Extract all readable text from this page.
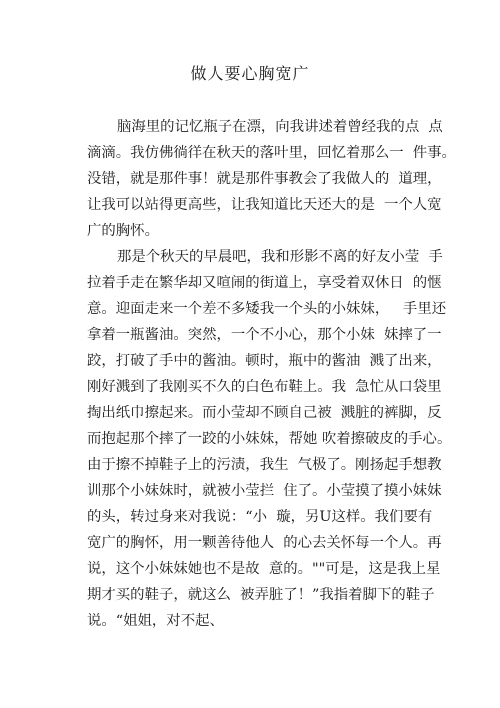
做人要心胸宽广
脑海里的记忆瓶子在漂，向我讲述着曾经我的点  点
滴滴。我仿佛徜徉在秋天的落叶里，回忆着那么一  件事。
没错，就是那件事！就是那件事教会了我做人的  道理，
让我可以站得更高些，让我知道比天还大的是  一个人宽
广的胸怀。
那是个秋天的早晨吧，我和形影不离的好友小莹  手
拉着手走在繁华却又喧闹的街道上，享受着双休日  的惬
意。迎面走来一个差不多矮我一个头的小妹妹，   手里还
拿着一瓶酱油。突然，一个不小心，那个小妹  妹摔了一
跤，打破了手中的酱油。顿时，瓶中的酱油  溅了出来，
刚好溅到了我刚买不久的白色布鞋上。我  急忙从口袋里
掏出纸巾擦起来。而小莹却不顾自己被  溅脏的裤脚，反
而抱起那个摔了一跤的小妹妹，帮她 吹着擦破皮的手心。
由于擦不掉鞋子上的污渍，我生  气极了。刚扬起手想教
训那个小妹妹时，就被小莹拦  住了。小莹摸了摸小妹妹
的头，转过身来对我说：“小  璇，另U这样。我们要有
宽广的胸怀，用一颗善待他人  的心去关怀每一个人。再
说，这个小妹妹她也不是故  意的。""可是，这是我上星
期才买的鞋子，就这么  被弄脏了！”我指着脚下的鞋子
说。“姐姐，对不起、
